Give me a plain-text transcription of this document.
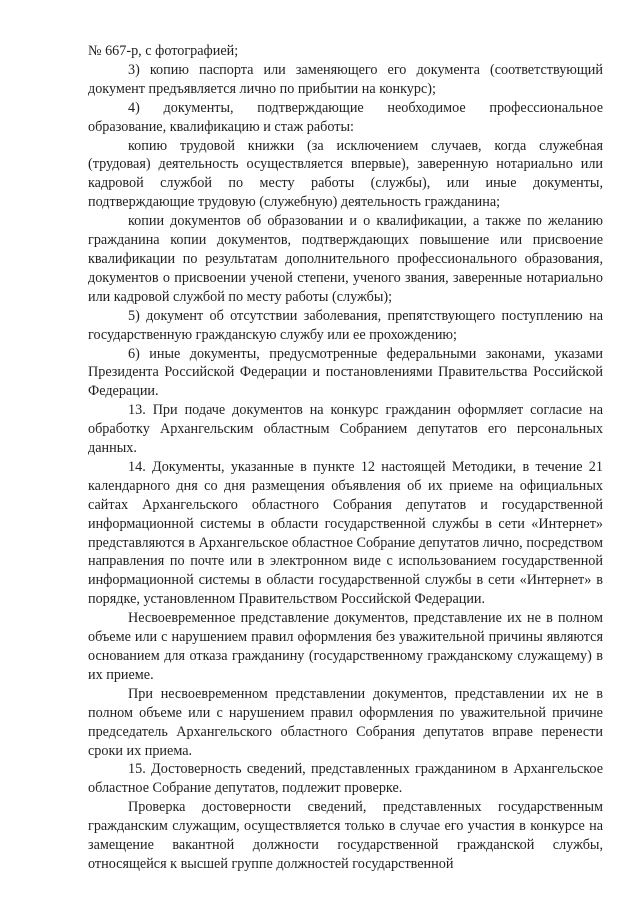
№ 667-р, с фотографией;

3) копию паспорта или заменяющего его документа (соответствующий документ предъявляется лично по прибытии на конкурс);

4) документы, подтверждающие необходимое профессиональное образование, квалификацию и стаж работы:

копию трудовой книжки (за исключением случаев, когда служебная (трудовая) деятельность осуществляется впервые), заверенную нотариально или кадровой службой по месту работы (службы), или иные документы, подтверждающие трудовую (служебную) деятельность гражданина;

копии документов об образовании и о квалификации, а также по желанию гражданина копии документов, подтверждающих повышение или присвоение квалификации по результатам дополнительного профессионального образования, документов о присвоении ученой степени, ученого звания, заверенные нотариально или кадровой службой по месту работы (службы);

5) документ об отсутствии заболевания, препятствующего поступлению на государственную гражданскую службу или ее прохождению;

6) иные документы, предусмотренные федеральными законами, указами Президента Российской Федерации и постановлениями Правительства Российской Федерации.

13. При подаче документов на конкурс гражданин оформляет согласие на обработку Архангельским областным Собранием депутатов его персональных данных.

14. Документы, указанные в пункте 12 настоящей Методики, в течение 21 календарного дня со дня размещения объявления об их приеме на официальных сайтах Архангельского областного Собрания депутатов и государственной информационной системы в области государственной службы в сети «Интернет» представляются в Архангельское областное Собрание депутатов лично, посредством направления по почте или в электронном виде с использованием государственной информационной системы в области государственной службы в сети «Интернет» в порядке, установленном Правительством Российской Федерации.

Несвоевременное представление документов, представление их не в полном объеме или с нарушением правил оформления без уважительной причины являются основанием для отказа гражданину (государственному гражданскому служащему) в их приеме.

При несвоевременном представлении документов, представлении их не в полном объеме или с нарушением правил оформления по уважительной причине председатель Архангельского областного Собрания депутатов вправе перенести сроки их приема.

15. Достоверность сведений, представленных гражданином в Архангельское областное Собрание депутатов, подлежит проверке.

Проверка достоверности сведений, представленных государственным гражданским служащим, осуществляется только в случае его участия в конкурсе на замещение вакантной должности государственной гражданской службы, относящейся к высшей группе должностей государственной
